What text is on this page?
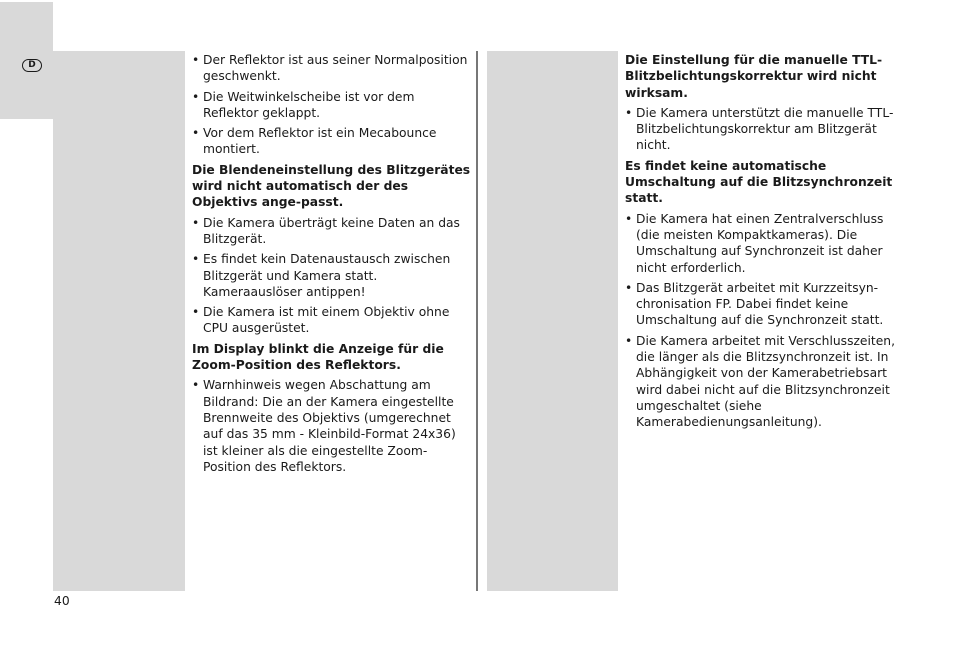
D	• Der Reflektor ist aus seiner Normalposition geschwenkt.
• Die Weitwinkelscheibe ist vor dem Reflektor geklappt.
• Vor dem Reflektor ist ein Mecabounce montiert.

Die Blendeneinstellung des Blitzgerätes wird nicht automatisch der des Objektivs ange-passt.

• Die Kamera überträgt keine Daten an das Blitzgerät.
• Es findet kein Datenaustausch zwischen Blitzgerät und Kamera statt. Kameraauslöser antippen!
• Die Kamera ist mit einem Objektiv ohne CPU ausgerüstet.

Im Display blinkt die Anzeige für die Zoom-Position des Reflektors.

• Warnhinweis wegen Abschattung am Bildrand: Die an der Kamera eingestellte Brennweite des Objektivs (umgerechnet auf das 35 mm - Kleinbild-Format 24x36) ist kleiner als die eingestellte Zoom-Position des Reflektors.

Die Einstellung für die manuelle TTL-Blitzbelichtungskorrektur wird nicht wirksam.

• Die Kamera unterstützt die manuelle TTL-Blitzbelichtungskorrektur am Blitzgerät nicht.

Es findet keine automatische Umschaltung auf die Blitzsynchronzeit statt.

• Die Kamera hat einen Zentralverschluss (die meisten Kompaktkameras). Die Umschaltung auf Synchronzeit ist daher nicht erforderlich.
• Das Blitzgerät arbeitet mit Kurzzeitsyn-chronisation FP. Dabei findet keine Umschaltung auf die Synchronzeit statt.
• Die Kamera arbeitet mit Verschlusszeiten, die länger als die Blitzsynchronzeit ist. In Abhängigkeit von der Kamerabetriebsart wird dabei nicht auf die Blitzsynchronzeit umgeschaltet (siehe Kamerabedienungsanleitung).
40
